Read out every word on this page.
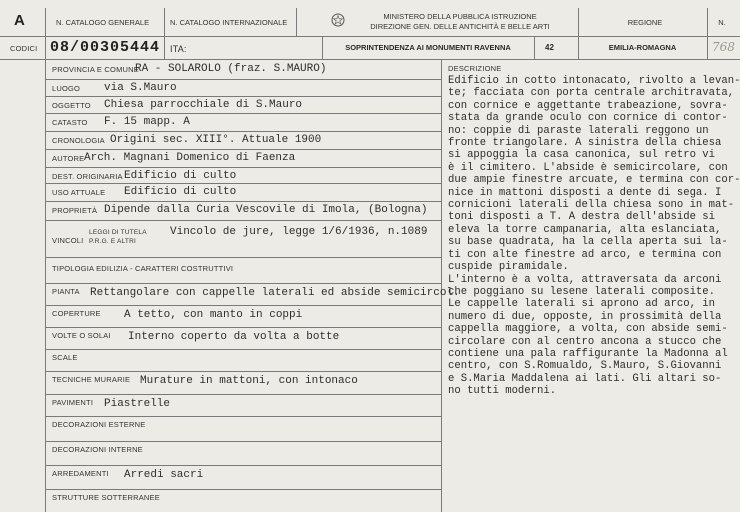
A	N. CATALOGO GENERALE	N. CATALOGO INTERNAZIONALE
MINISTERO DELLA PUBBLICA ISTRUZIONE
DIREZIONE GEN. DELLE ANTICHITÀ E BELLE ARTI	REGIONE	N.
CODICI 08/00305444 ITA:	SOPRINTENDENZA AI MONUMENTI RAVENNA	42	EMILIA-ROMAGNA	768
PROVINCIA E COMUNE
RA - SOLAROLO (fraz. S.MAURO)
LUOGO via S.Mauro
OGGETTO Chiesa parrocchiale di S.Mauro
CATASTO F. 15 mapp. A
CRONOLOGIA Origini sec. XIII°. Attuale 1900
AUTORE Arch. Magnani Domenico di Faenza
DEST. ORIGINARIA Edificio di culto
USO ATTUALE Edificio di culto
PROPRIETÀ Dipende dalla Curia Vescovile di Imola, (Bologna)
VINCOLI
LEGGI DI TUTELA
P.R.G. E ALTRI
Vincolo de jure, legge 1/6/1936, n.1089
TIPOLOGIA EDILIZIA - CARATTERI COSTRUTTIVI
PIANTA Rettangolare con cappelle laterali ed abside semicircol.
COPERTURE A tetto, con manto in coppi
VOLTE O SOLAI Interno coperto da volta a botte
SCALE
TECNICHE MURARIE Murature in mattoni, con intonaco
PAVIMENTI Piastrelle
DECORAZIONI ESTERNE
DECORAZIONI INTERNE
ARREDAMENTI Arredi sacri
STRUTTURE SOTTERRANEE
DESCRIZIONE
Edificio in cotto intonacato, rivolto a levan-
te; facciata con porta centrale architravata,
con cornice e aggettante trabeazione, sovra-
stata da grande oculo con cornice di contor-
no: coppie di paraste laterali reggono un
fronte triangolare. A sinistra della chiesa
si appoggia la casa canonica, sul retro vi
è il cimitero. L'abside è semicircolare, con
due ampie finestre arcuate, e termina con cor-
nice in mattoni disposti a dente di sega. I
cornicioni laterali della chiesa sono in mat-
toni disposti a T. A destra dell'abside si
eleva la torre campanaria, alta eslanciata,
su base quadrata, ha la cella aperta sui la-
ti con alte finestre ad arco, e termina con
cuspide piramidale.
L'interno è a volta, attraversata da arconi
che poggiano su lesene laterali composite.
Le cappelle laterali si aprono ad arco, in
numero di due, opposte, in prossimità della
cappella maggiore, a volta, con abside semi-
circolare con al centro ancona a stucco che
contiene una pala raffigurante la Madonna al
centro, con S.Romualdo, S.Mauro, S.Giovanni
e S.Maria Maddalena ai lati. Gli altari so-
no tutti moderni.
